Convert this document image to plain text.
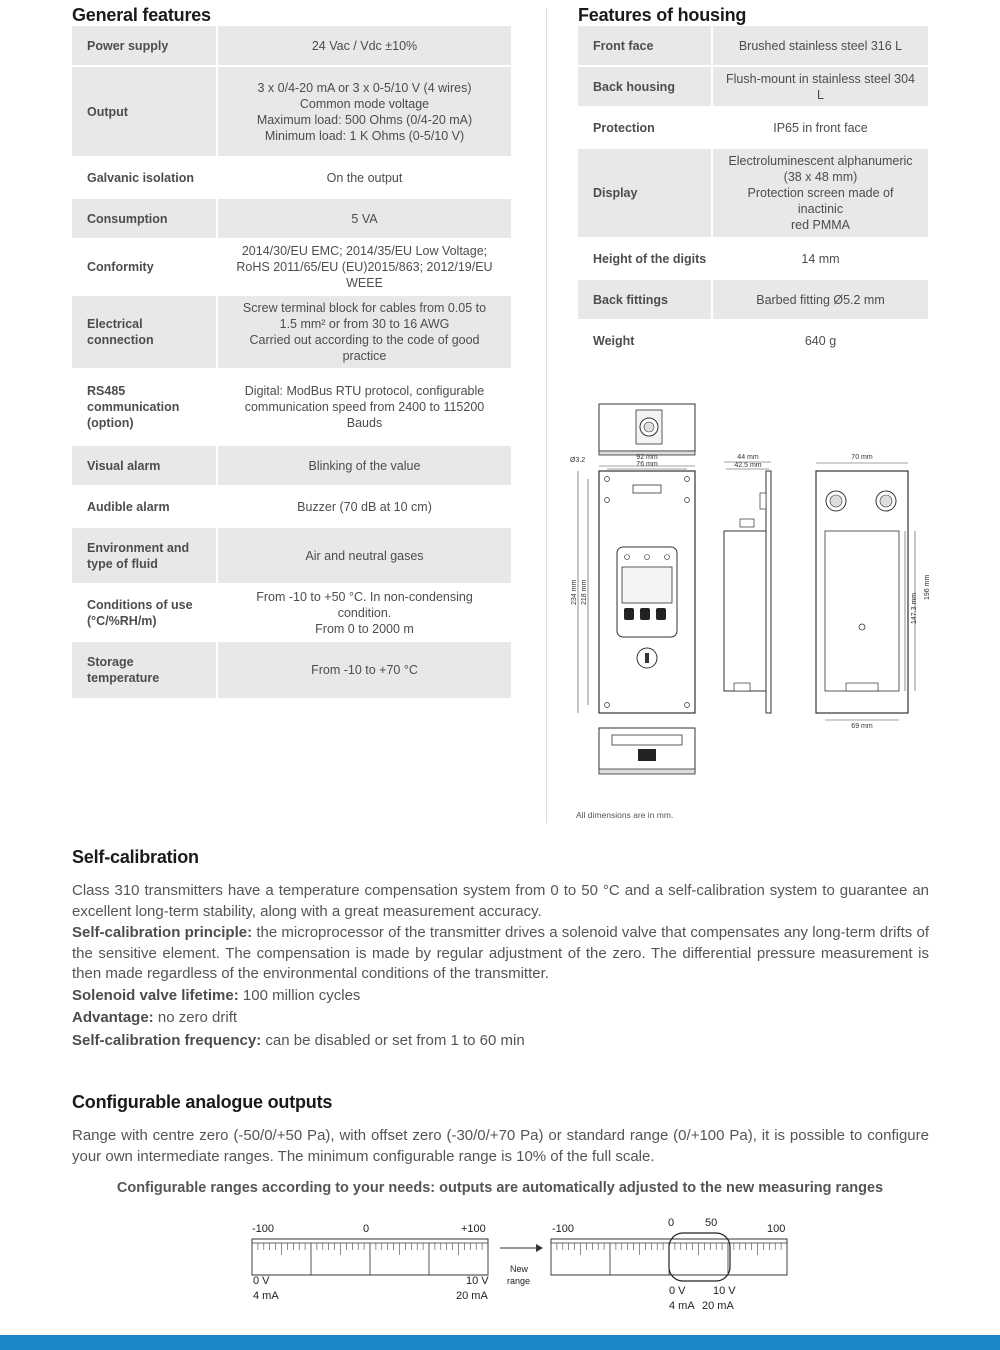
General features
Power supply	24 Vac / Vdc ±10%

Output	3 x 0/4-20 mA or 3 x 0-5/10 V (4 wires)
Common mode voltage
Maximum load: 500 Ohms (0/4-20 mA)
Minimum load: 1 K Ohms (0-5/10 V)

Galvanic isolation	On the output

Consumption	5 VA

Conformity	2014/30/EU EMC; 2014/35/EU Low Voltage;
RoHS 2011/65/EU (EU)2015/863; 2012/19/EU WEEE

Electrical
connection	Screw terminal block for cables from 0.05 to
1.5 mm² or from 30 to 16 AWG
Carried out according to the code of good practice

RS485
communication
(option)	Digital: ModBus RTU protocol, configurable
communication speed from 2400 to 115200 Bauds

Visual alarm	Blinking of the value

Audible alarm	Buzzer (70 dB at 10 cm)

Environment and
type of fluid	Air and neutral gases

Conditions of use
(°C/%RH/m)	From -10 to +50 °C. In non-condensing condition.
From 0 to 2000 m

Storage
temperature	From -10 to +70 °C
Features of housing
Front face	Brushed stainless steel 316 L

Back housing	Flush-mount in stainless steel 304 L

Protection	IP65 in front face

Display	Electroluminescent alphanumeric
(38 x 48 mm)
Protection screen made of inactinic
red PMMA

Height of the digits	14 mm

Back fittings	Barbed fitting Ø5.2 mm

Weight	640 g
92 mm
76 mm
Ø3.2
234 mm 218 mm
44 mm
42.5 mm
70 mm
196 mm
147.3 mm
69 mm
All dimensions are in mm.
Self-calibration

Class 310 transmitters have a temperature compensation system from 0 to 50 °C and a self-calibration system to guarantee an excellent long-term stability, along with a great measurement accuracy.

Self-calibration principle: the microprocessor of the transmitter drives a solenoid valve that compensates any long-term drifts of the sensitive element. The compensation is made by regular adjustment of the zero. The differential pressure measurement is then made regardless of the environmental conditions of the transmitter.

Solenoid valve lifetime: 100 million cycles

Advantage: no zero drift

Self-calibration frequency: can be disabled or set from 1 to 60 min

Configurable analogue outputs

Range with centre zero (-50/0/+50 Pa), with offset zero (-30/0/+70 Pa) or standard range (0/+100 Pa), it is possible to configure your own intermediate ranges. The minimum configurable range is 10% of the full scale.

Configurable ranges according to your needs: outputs are automatically adjusted to the new measuring ranges
-100	0	+100
0 V	10 V
4 mA	20 mA
New
range
-100	0	50	100
0 V 10 V
4 mA 20 mA
